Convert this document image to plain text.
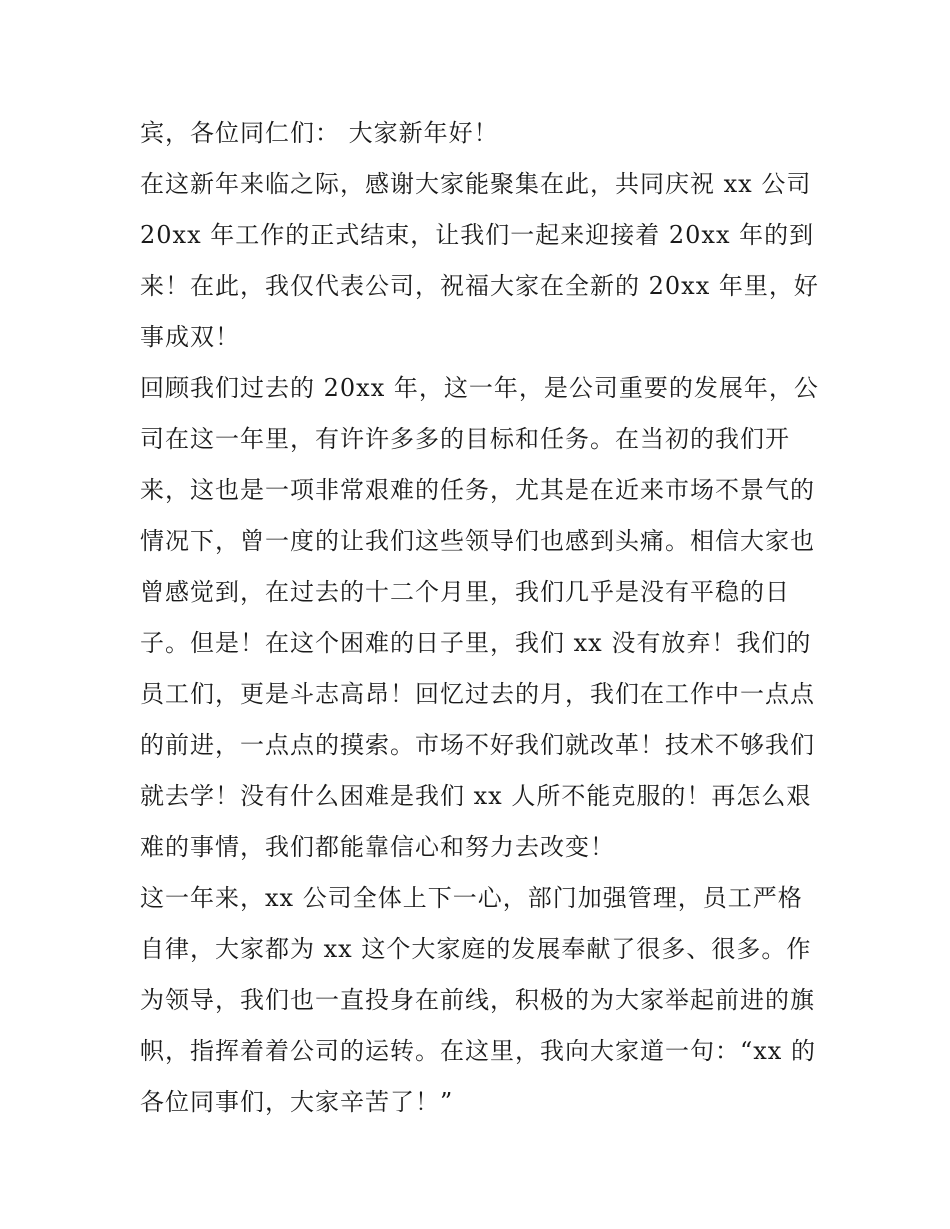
宾，各位同仁们： 大家新年好！
在这新年来临之际，感谢大家能聚集在此，共同庆祝 xx 公司
20xx 年工作的正式结束，让我们一起来迎接着 20xx 年的到
来！在此，我仅代表公司，祝福大家在全新的 20xx 年里，好
事成双！
回顾我们过去的 20xx 年，这一年，是公司重要的发展年，公
司在这一年里，有许许多多的目标和任务。在当初的我们开
来，这也是一项非常艰难的任务，尤其是在近来市场不景气的
情况下，曾一度的让我们这些领导们也感到头痛。相信大家也
曾感觉到，在过去的十二个月里，我们几乎是没有平稳的日
子。但是！在这个困难的日子里，我们 xx 没有放弃！我们的
员工们，更是斗志高昂！回忆过去的月，我们在工作中一点点
的前进，一点点的摸索。市场不好我们就改革！技术不够我们
就去学！没有什么困难是我们 xx 人所不能克服的！再怎么艰
难的事情，我们都能靠信心和努力去改变！
这一年来，xx 公司全体上下一心，部门加强管理，员工严格
自律，大家都为 xx 这个大家庭的发展奉献了很多、很多。作
为领导，我们也一直投身在前线，积极的为大家举起前进的旗
帜，指挥着着公司的运转。在这里，我向大家道一句：“xx 的
各位同事们，大家辛苦了！”
